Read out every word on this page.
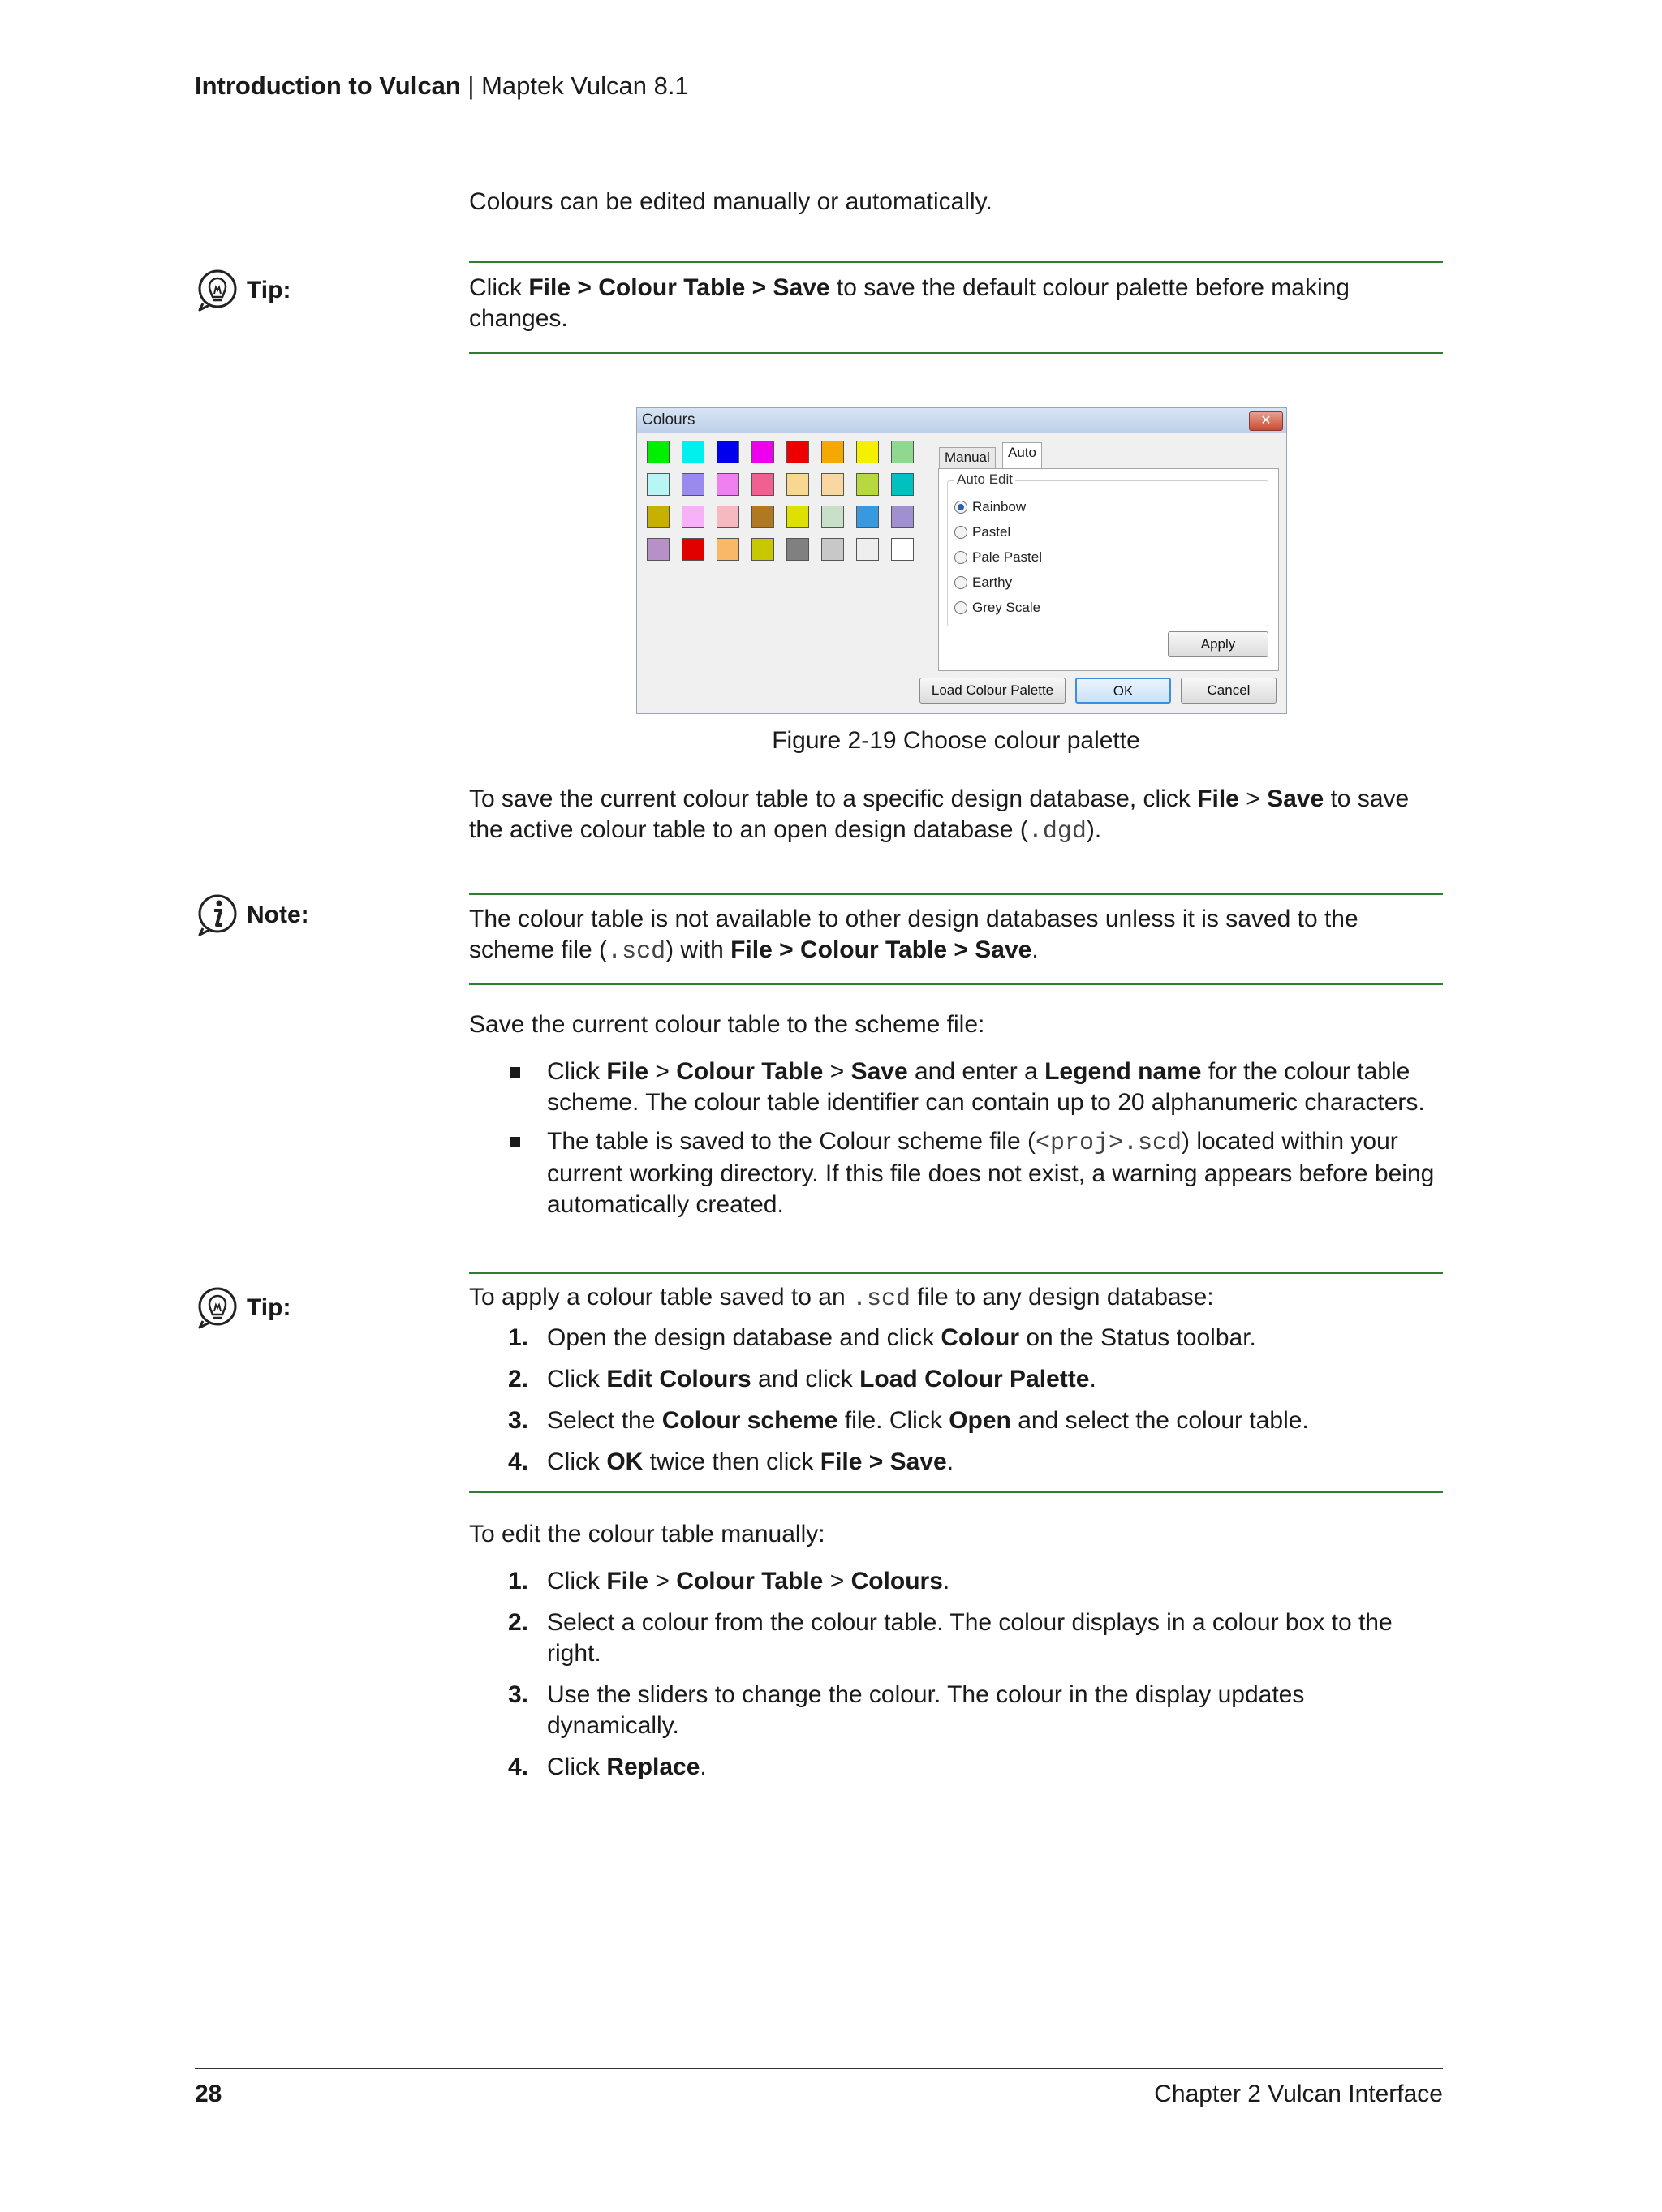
Introduction to Vulcan | Maptek Vulcan 8.1
Colours can be edited manually or automatically.
Tip:	Click File > Colour Table > Save to save the default colour palette before making changes.
Colours	✕
Manual	Auto
Auto Edit
Rainbow
Pastel
Pale Pastel
Earthy
Grey Scale
Apply
Load Colour Palette	OK	Cancel
Figure 2-19 Choose colour palette
To save the current colour table to a specific design database, click File > Save to save the active colour table to an open design database (.dgd).
Note:	The colour table is not available to other design databases unless it is saved to the scheme file (.scd) with File > Colour Table > Save.
Save the current colour table to the scheme file:
Click File > Colour Table > Save and enter a Legend name for the colour table scheme. The colour table identifier can contain up to 20 alphanumeric characters.
The table is saved to the Colour scheme file (<proj>.scd) located within your current working directory. If this file does not exist, a warning appears before being automatically created.
Tip:	To apply a colour table saved to an .scd file to any design database:
1. Open the design database and click Colour on the Status toolbar.
2. Click Edit Colours and click Load Colour Palette.
3. Select the Colour scheme file. Click Open and select the colour table.
4. Click OK twice then click File > Save.
To edit the colour table manually:
1. Click File > Colour Table > Colours.
2. Select a colour from the colour table. The colour displays in a colour box to the right.
3. Use the sliders to change the colour. The colour in the display updates dynamically.
4. Click Replace.
28	Chapter 2 Vulcan Interface
